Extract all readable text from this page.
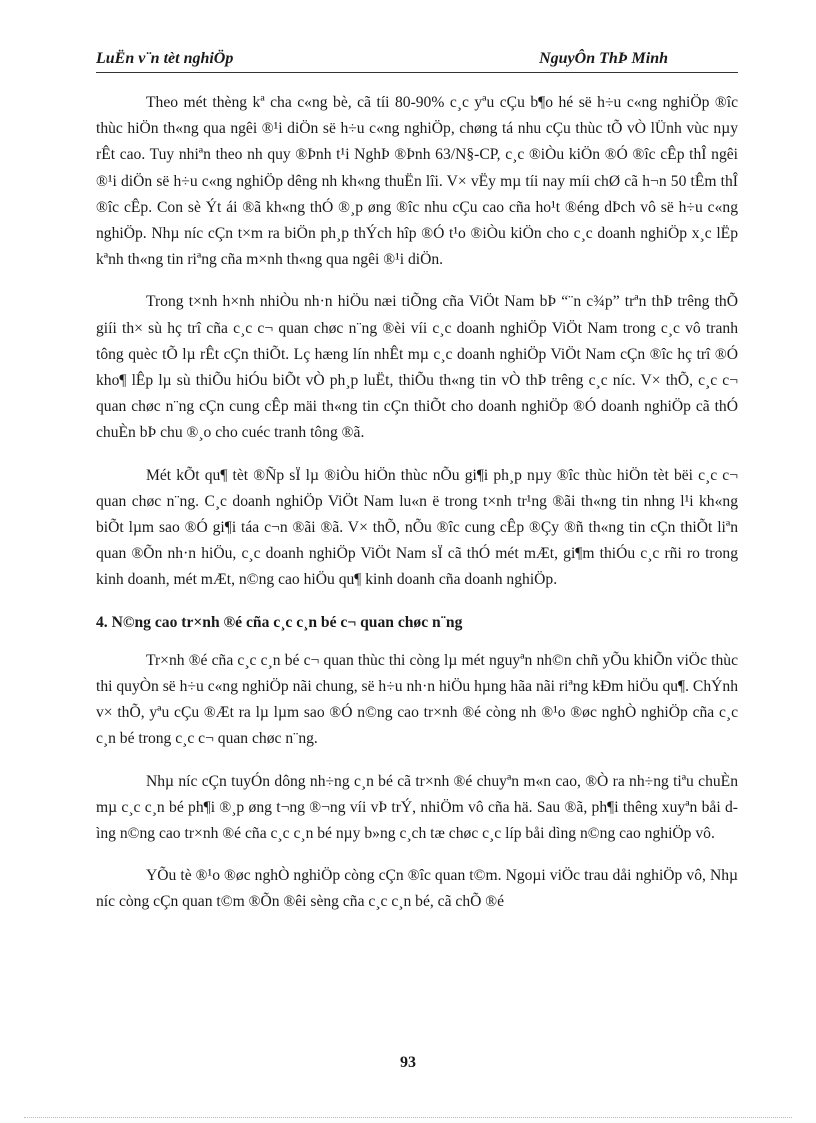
LuËn v¨n tèt nghiÖp	NguyÔn ThÞ Minh

Theo mét thèng kª cha c«ng bè, cã tíi 80-90% c¸c yªu cÇu b¶o hé së h÷u c«ng nghiÖp ®îc thùc hiÖn th«ng qua ngêi ®¹i diÖn së h÷u c«ng nghiÖp, chøng tá nhu cÇu thùc tÕ vÒ lÜnh vùc nµy rÊt cao. Tuy nhiªn theo nh quy ®Þnh t¹i NghÞ ®Þnh 63/N§-CP, c¸c ®iÒu kiÖn ®Ó ®îc cÊp thÎ ngêi ®¹i diÖn së h÷u c«ng nghiÖp dêng nh kh«ng thuËn lîi. V× vËy mµ tíi nay míi chØ cã h¬n 50 tÊm thÎ ®îc cÊp. Con sè Ýt ái ®ã kh«ng thÓ ®¸p øng ®îc nhu cÇu cao cña ho¹t ®éng dÞch vô së h÷u c«ng nghiÖp. Nhµ níc cÇn t×m ra biÖn ph¸p thÝch hîp ®Ó t¹o ®iÒu kiÖn cho c¸c doanh nghiÖp x¸c lËp kªnh th«ng tin riªng cña m×nh th«ng qua ngêi ®¹i diÖn.

Trong t×nh h×nh nhiÒu nh·n hiÖu næi tiÕng cña ViÖt Nam bÞ “¨n c¾p” trªn thÞ trêng thÕ giíi th× sù hç trî cña c¸c c¬ quan chøc n¨ng ®èi víi c¸c doanh nghiÖp ViÖt Nam trong c¸c vô tranh tông quèc tÕ lµ rÊt cÇn thiÕt. Lç hæng lín nhÊt mµ c¸c doanh nghiÖp ViÖt Nam cÇn ®îc hç trî ®Ó kho¶ lÊp lµ sù thiÕu hiÓu biÕt vÒ ph¸p luËt, thiÕu th«ng tin vÒ thÞ trêng c¸c níc. V× thÕ, c¸c c¬ quan chøc n¨ng cÇn cung cÊp mäi th«ng tin cÇn thiÕt cho doanh nghiÖp ®Ó doanh nghiÖp cã thÓ chuÈn bÞ chu ®¸o cho cuéc tranh tông ®ã.

Mét kÕt qu¶ tèt ®Ñp sÏ lµ ®iÒu hiÖn thùc nÕu gi¶i ph¸p nµy ®îc thùc hiÖn tèt bëi c¸c c¬ quan chøc n¨ng. C¸c doanh nghiÖp ViÖt Nam lu«n ë trong t×nh tr¹ng ®ãi th«ng tin nhng l¹i kh«ng biÕt lµm sao ®Ó gi¶i táa c¬n ®ãi ®ã. V× thÕ, nÕu ®îc cung cÊp ®Çy ®ñ th«ng tin cÇn thiÕt liªn quan ®Õn nh·n hiÖu, c¸c doanh nghiÖp ViÖt Nam sÏ cã thÓ mét mÆt, gi¶m thiÓu c¸c rñi ro trong kinh doanh, mét mÆt, n©ng cao hiÖu qu¶ kinh doanh cña doanh nghiÖp.

4. N©ng cao tr×nh ®é cña c¸c c¸n bé c¬ quan chøc n¨ng

Tr×nh ®é cña c¸c c¸n bé c¬ quan thùc thi còng lµ mét nguyªn nh©n chñ yÕu khiÕn viÖc thùc thi quyÒn së h÷u c«ng nghiÖp nãi chung, së h÷u nh·n hiÖu hµng hãa nãi riªng kÐm hiÖu qu¶. ChÝnh v× thÕ, yªu cÇu ®Æt ra lµ lµm sao ®Ó n©ng cao tr×nh ®é còng nh ®¹o ®øc nghÒ nghiÖp cña c¸c c¸n bé trong c¸c c¬ quan chøc n¨ng.

Nhµ níc cÇn tuyÓn dông nh÷ng c¸n bé cã tr×nh ®é chuyªn m«n cao, ®Ò ra nh÷ng tiªu chuÈn mµ c¸c c¸n bé ph¶i ®¸p øng t¬ng ®¬ng víi vÞ trÝ, nhiÖm vô cña hä. Sau ®ã, ph¶i thêng xuyªn båi dìng n©ng cao tr×nh ®é cña c¸c c¸n bé nµy b»ng c¸ch tæ chøc c¸c líp båi dìng n©ng cao nghiÖp vô.

YÕu tè ®¹o ®øc nghÒ nghiÖp còng cÇn ®îc quan t©m. Ngoµi viÖc trau dåi nghiÖp vô, Nhµ níc còng cÇn quan t©m ®Õn ®êi sèng cña c¸c c¸n bé, cã chÕ ®é

93
